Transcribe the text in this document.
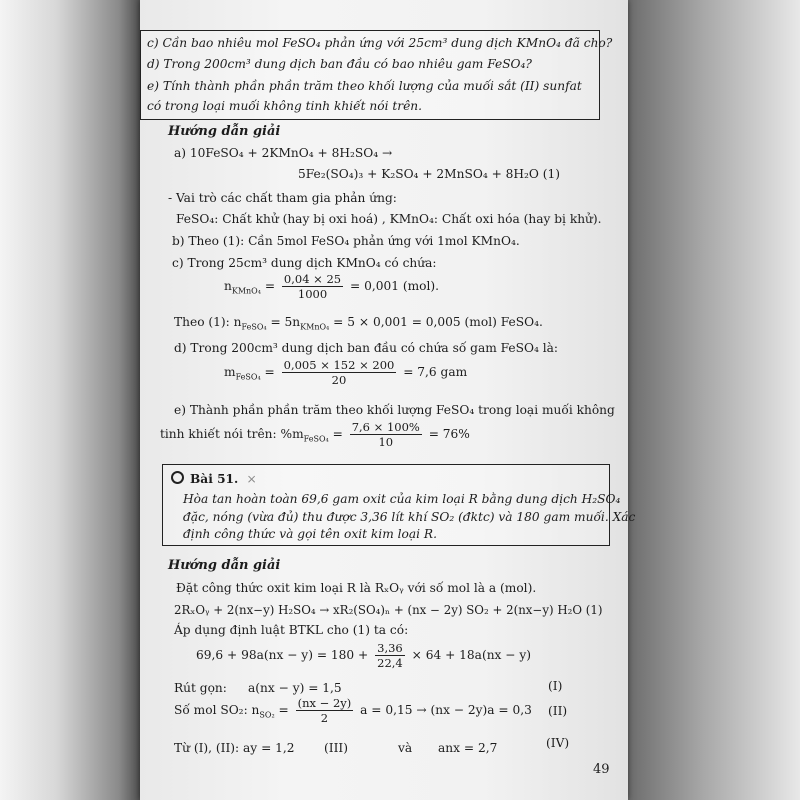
c) Cần bao nhiêu mol FeSO₄ phản ứng với 25cm³ dung dịch KMnO₄ đã cho?
d) Trong 200cm³ dung dịch ban đầu có bao nhiêu gam FeSO₄?
e) Tính thành phần phần trăm theo khối lượng của muối sắt (II) sunfat
có trong loại muối không tinh khiết nói trên.
Hướng dẫn giải
a) 10FeSO₄ + 2KMnO₄ + 8H₂SO₄ →
5Fe₂(SO₄)₃ + K₂SO₄ + 2MnSO₄ + 8H₂O (1)
- Vai trò các chất tham gia phản ứng:
FeSO₄: Chất khử (hay bị oxi hoá) , KMnO₄: Chất oxi hóa (hay bị khử).
b) Theo (1): Cần 5mol FeSO₄ phản ứng với 1mol KMnO₄.
c) Trong 25cm³ dung dịch KMnO₄ có chứa:
$n_{KMnO_4} = \frac{0,04 \times 25}{1000} = 0,001$ (mol).
Theo (1): $n_{FeSO_4} = 5n_{KMnO_4} = 5 \times 0,001 = 0,005$ (mol) FeSO₄.
d) Trong 200cm³ dung dịch ban đầu có chứa số gam FeSO₄ là:
$m_{FeSO_4} = \frac{0,005 \times 152 \times 200}{20} = 7,6$ gam
e) Thành phần phần trăm theo khối lượng FeSO₄ trong loại muối không
tinh khiết nói trên: $\%m_{FeSO_4} = \frac{7,6 \times 100\%}{10} = 76\%$
Bài 51. ×
Hòa tan hoàn toàn 69,6 gam oxit của kim loại R bằng dung dịch H₂SO₄
đặc, nóng (vừa đủ) thu được 3,36 lít khí SO₂ (đktc) và 180 gam muối. Xác
định công thức và gọi tên oxit kim loại R.
Hướng dẫn giải
Đặt công thức oxit kim loại R là RₓOᵧ với số mol là a (mol).
2RₓOᵧ + 2(nx−y) H₂SO₄ → xR₂(SO₄)ₙ + (nx − 2y) SO₂ + 2(nx−y) H₂O (1)
Áp dụng định luật BTKL cho (1) ta có:
$69,6 + 98a(nx - y) = 180 + \frac{3,36}{22,4} \times 64 + 18a(nx - y)$
Rút gọn: a(nx − y) = 1,5	(I)
Số mol SO₂: $n_{SO_2} = \frac{(nx - 2y)}{2}$ a = 0,15 → (nx − 2y)a = 0,3 (II)
Từ (I), (II): ay = 1,2 (III)	và anx = 2,7	(IV)
49
